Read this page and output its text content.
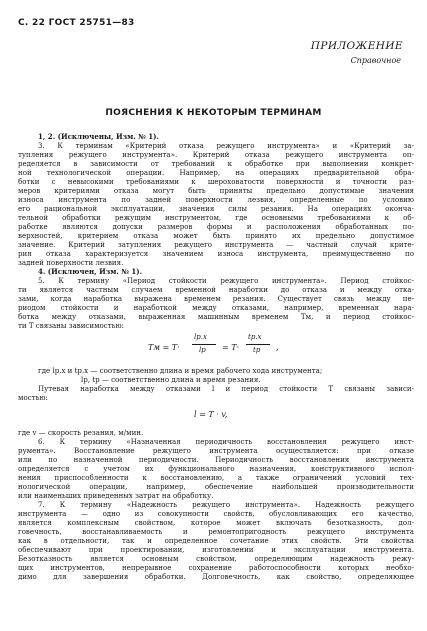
С. 22 ГОСТ 25751—83
ПРИЛОЖЕНИЕ
Справочное
ПОЯСНЕНИЯ К НЕКОТОРЫМ ТЕРМИНАМ
1, 2. (Исключены, Изм. № 1).
3. К терминам «Критерий отказа режущего инструмента» и «Критерий за-
тупления режущего инструмента». Критерий отказа режущего инструмента оп-
ределяется в зависимости от требований к обработке при выполнении конкрет-
ной технологической операции. Например, на операциях предварительной обра-
ботки с невысокими требованиями к шероховатости поверхности и точности раз-
меров критериями отказа могут быть приняты предельно допустимые значения
износа инструмента по задней поверхности лезвия, определенные по условию
его рациональной эксплуатации, значения силы резания. На операциях оконча-
тельной обработки режущим инструментом, где основными требованиями к об-
работке являются допуски размеров формы и расположения обработанных по-
верхностей, критерием отказа может быть принято их предельно допустимое
значение. Критерий затупления режущего инструмента — частный случай крите-
рия отказа характеризуется значением износа инструмента, преимущественно по
задней поверхности лезвия.
4. (Исключен, Изм. № 1).
5. К термину «Период стойкости режущего инструмента». Период стойкос-
ти является частным случаем временной наработки до отказа и между отка-
зами, когда наработка выражена временем резания. Существует связь между пе-
риодом стойкости и наработкой между отказами, например, временная нара-
ботка между отказами, выраженная машинным временем Tм, и период стойкос-
ти T связаны зависимостью:
Tм = T·
lр.х
lр = T·
tр.х
tр ,
где lр.х и tр.х — соответственно длина и время рабочего хода инструмента;
lр, tр — соответственно длина и время резания.
Путевая наработка между отказами l и период стойкости T связаны зависи-
мостью:
l = T · v,
где v — скорость резания, м/мин.
6. К термину «Назначенная периодичность восстановления режущего инст-
румента». Восстановление режущего инструмента осуществляется: при отказе
или по назначенной периодичности. Периодичность восстановления инструмента
определяется с учетом их функционального назначения, конструктивного испол-
нения приспособленности к восстановлению, а также ограничений условий тех-
нологической операции, например, обеспечение наибольшей производительности
или наименьших приведенных затрат на обработку.
7. К термину «Надежность режущего инструмента». Надежность режущего
инструмента — одно из совокупности свойств, обусловливающих его качество,
является комплексным свойством, которое может включать безотказность, дол-
говечность, восстанавливаемость и ремонтопригодность режущего инструмента
как в отдельности, так и определенное сочетание этих свойств. Эти свойства
обеспечивают при проектировании, изготовлении и эксплуатации инструмента.
Безотказность является основным свойством, определяющим надежность режу-
щих инструментов, непрерывное сохранение работоспособности которых необхо-
димо для завершения обработки. Долговечность, как свойство, определяющее
